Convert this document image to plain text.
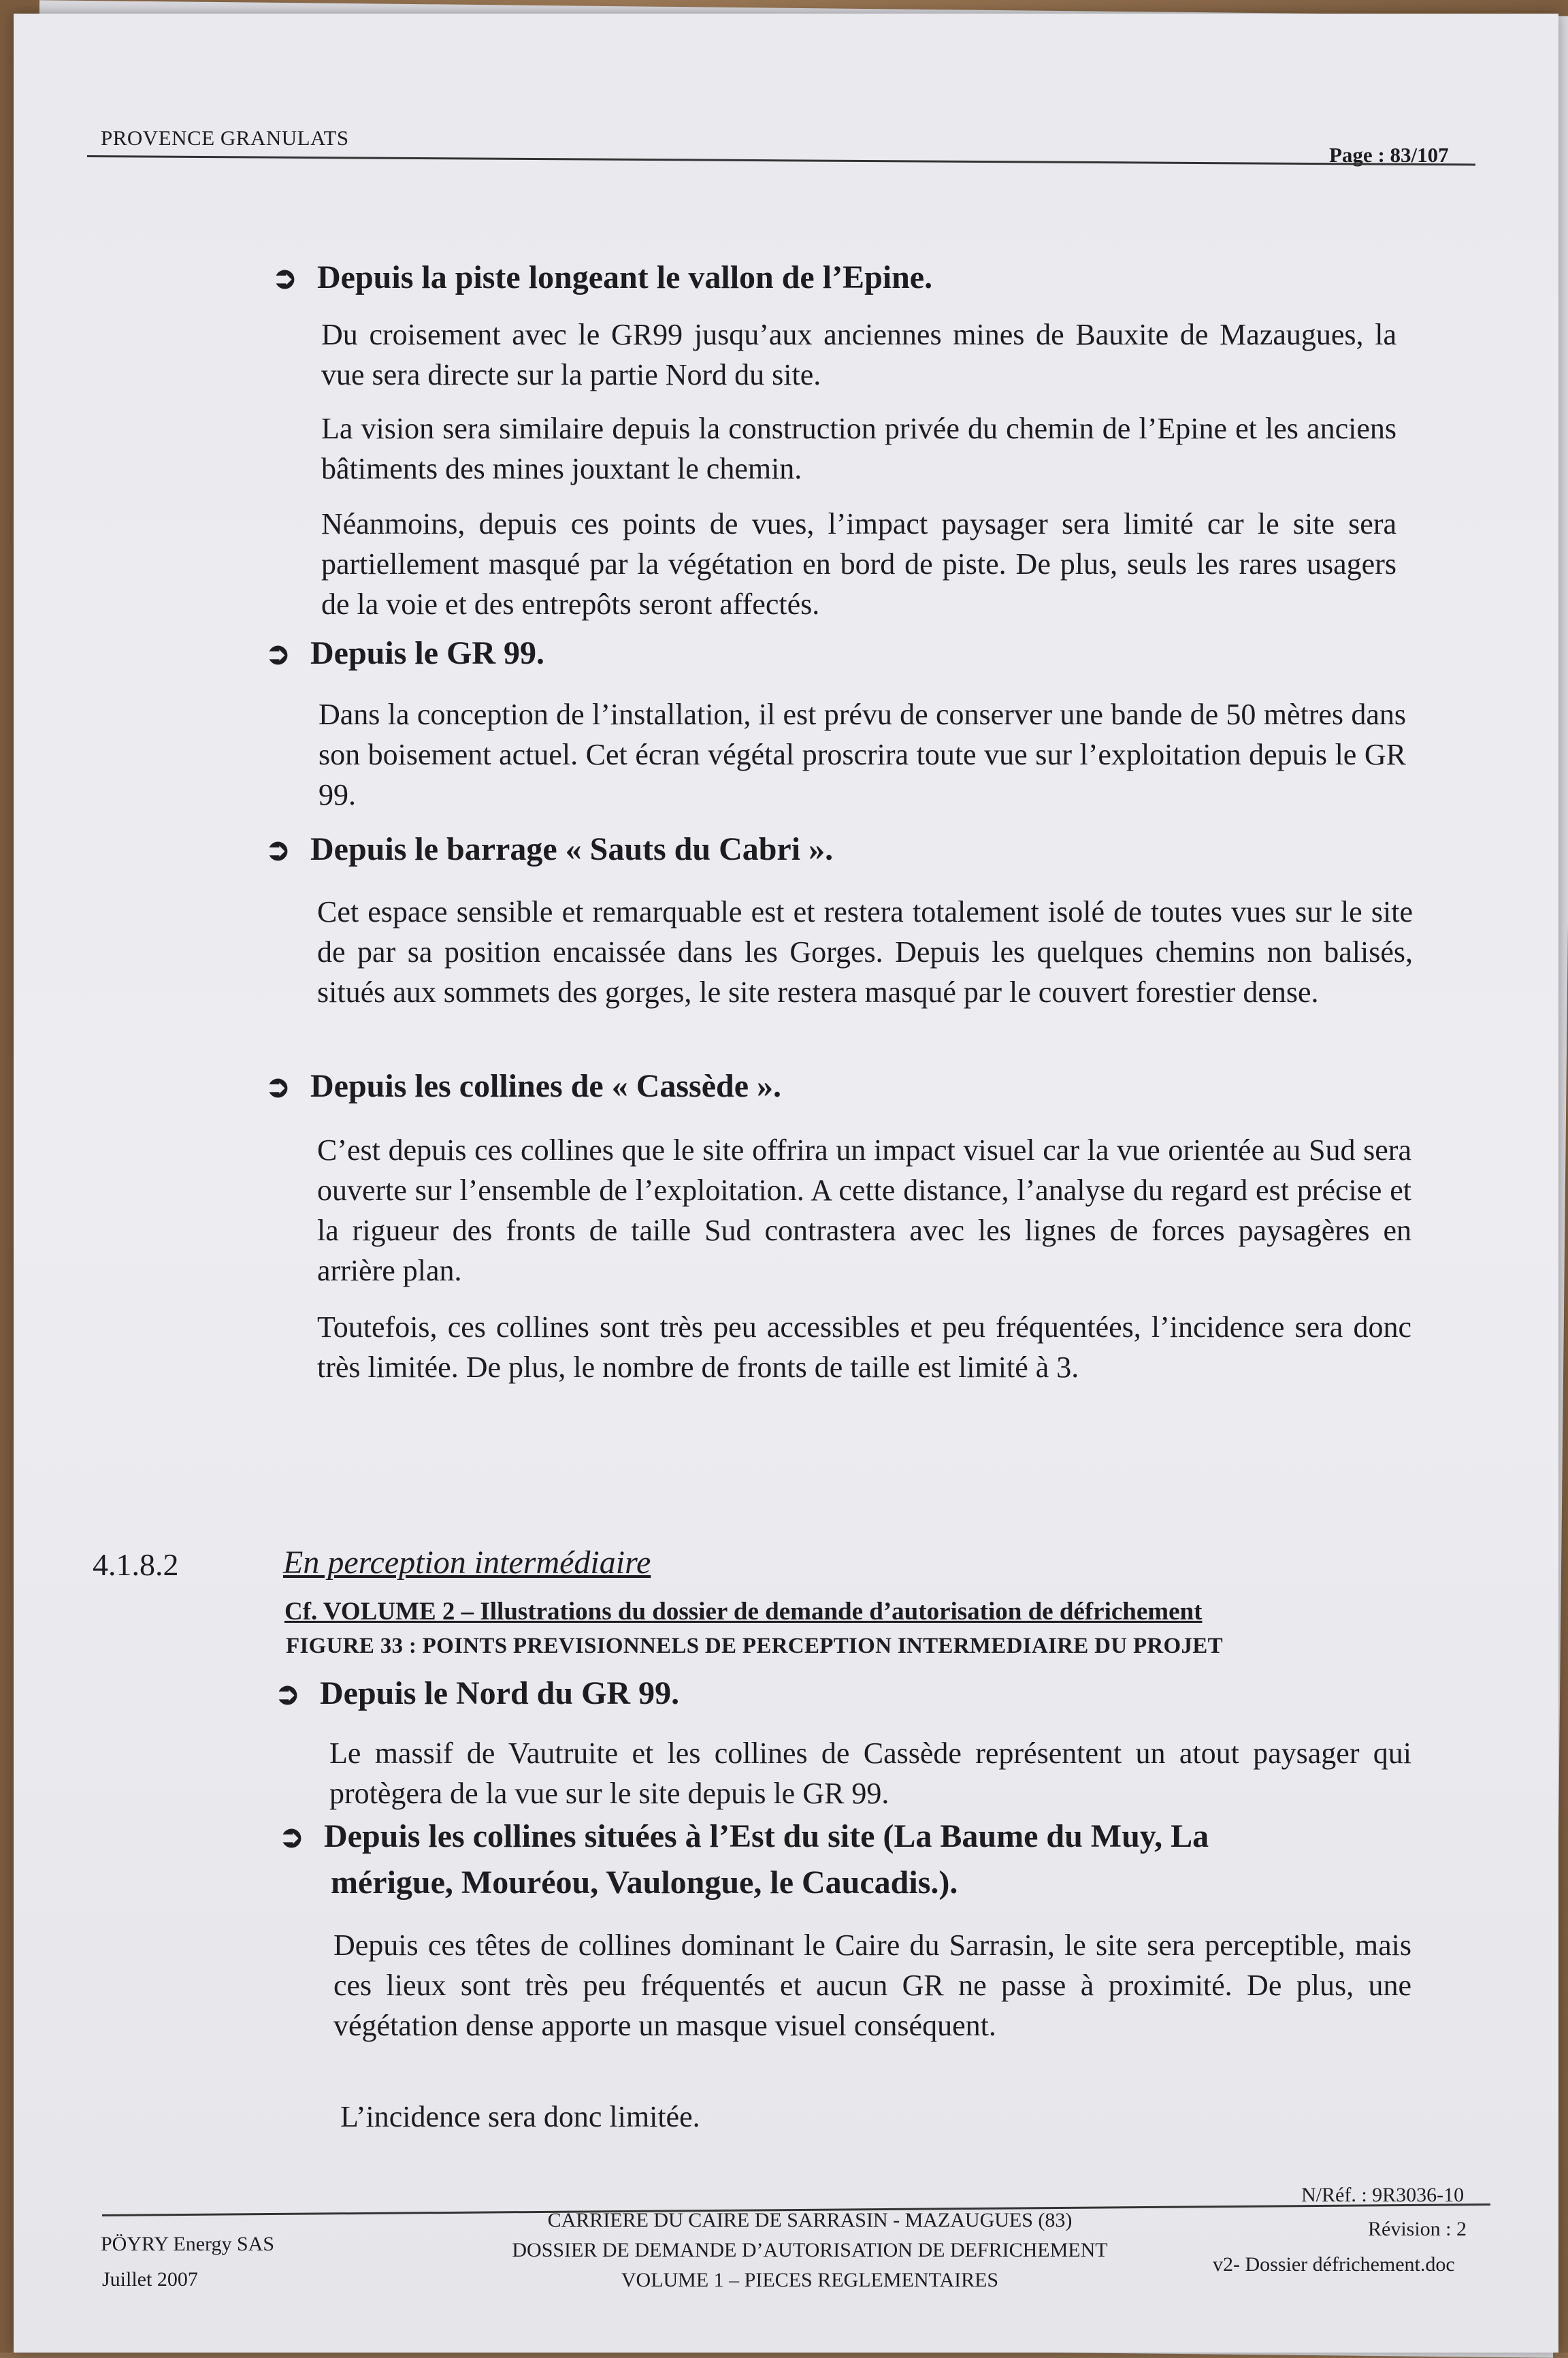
PROVENCE GRANULATS
Page : 83/107
➲ Depuis la piste longeant le vallon de l’Epine.
Du croisement avec le GR99 jusqu’aux anciennes mines de Bauxite de Mazaugues, la vue sera directe sur la partie Nord du site.
La vision sera similaire depuis la construction privée du chemin de l’Epine et les anciens bâtiments des mines jouxtant le chemin.
Néanmoins, depuis ces points de vues, l’impact paysager sera limité car le site sera partiellement masqué par la végétation en bord de piste. De plus, seuls les rares usagers de la voie et des entrepôts seront affectés.
➲ Depuis le GR 99.
Dans la conception de l’installation, il est prévu de conserver une bande de 50 mètres dans son boisement actuel. Cet écran végétal proscrira toute vue sur l’exploitation depuis le GR 99.
➲ Depuis le barrage « Sauts du Cabri ».
Cet espace sensible et remarquable est et restera totalement isolé de toutes vues sur le site de par sa position encaissée dans les Gorges. Depuis les quelques chemins non balisés, situés aux sommets des gorges, le site restera masqué par le couvert forestier dense.
➲ Depuis les collines de « Cassède ».
C’est depuis ces collines que le site offrira un impact visuel car la vue orientée au Sud sera ouverte sur l’ensemble de l’exploitation. A cette distance, l’analyse du regard est précise et la rigueur des fronts de taille Sud contrastera avec les lignes de forces paysagères en arrière plan.
Toutefois, ces collines sont très peu accessibles et peu fréquentées, l’incidence sera donc très limitée. De plus, le nombre de fronts de taille est limité à 3.
4.1.8.2	En perception intermédiaire
Cf. VOLUME 2 – Illustrations du dossier de demande d’autorisation de défrichement
FIGURE 33 : POINTS PREVISIONNELS DE PERCEPTION INTERMEDIAIRE DU PROJET
➲ Depuis le Nord du GR 99.
Le massif de Vautruite et les collines de Cassède représentent un atout paysager qui protègera de la vue sur le site depuis le GR 99.
➲ Depuis les collines situées à l’Est du site (La Baume du Muy, La
mérigue, Mouréou, Vaulongue, le Caucadis.).
Depuis ces têtes de collines dominant le Caire du Sarrasin, le site sera perceptible, mais ces lieux sont très peu fréquentés et aucun GR ne passe à proximité. De plus, une végétation dense apporte un masque visuel conséquent.
L’incidence sera donc limitée.
PÖYRY Energy SAS
Juillet 2007
CARRIERE DU CAIRE DE SARRASIN - MAZAUGUES (83)
DOSSIER DE DEMANDE D’AUTORISATION DE DEFRICHEMENT
VOLUME 1 – PIECES REGLEMENTAIRES
N/Réf. : 9R3036-10
Révision : 2
v2- Dossier défrichement.doc
